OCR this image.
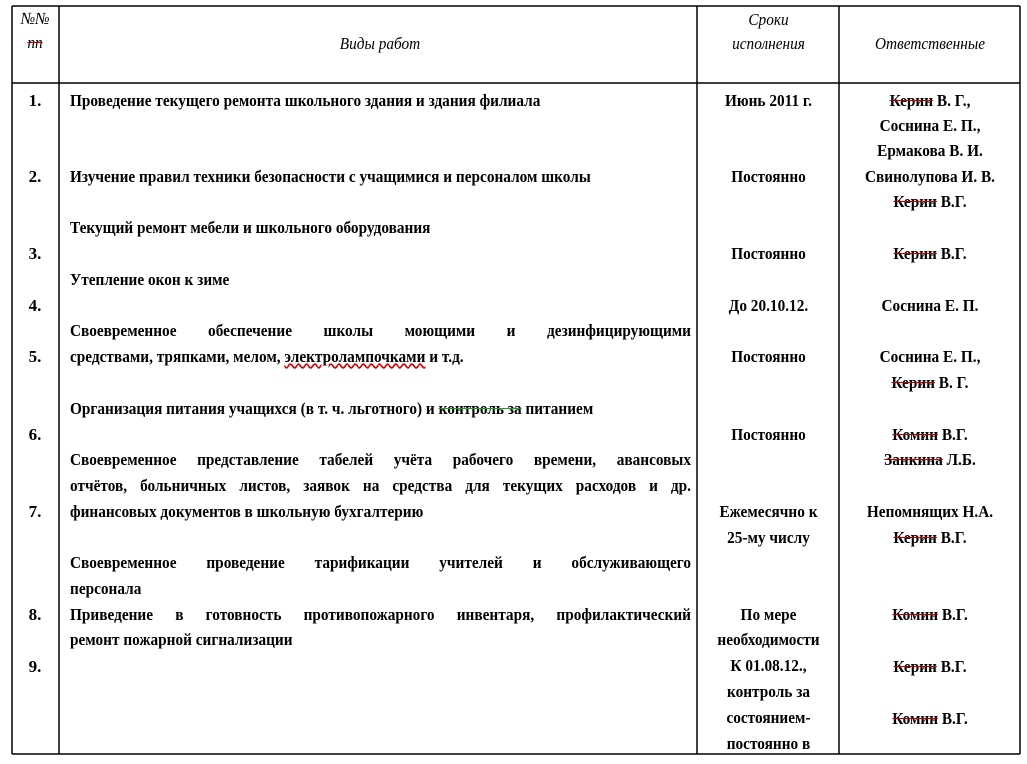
№№
пп	Виды работ
Сроки
исполнения	Ответственные
1.
2.
3.
4.
5.
6.
7.
8.
9.
Проведение текущего ремонта школьного здания и здания филиала
Изучение правил техники безопасности с учащимися и персоналом школы
Текущий ремонт мебели и школьного оборудования
Утепление окон к зиме
Своевременное обеспечение школы моющими и дезинфицирующими
средствами, тряпками, мелом, электролампочками и т.д.
Организация питания учащихся (в т. ч. льготного) и контроль за питанием
Своевременное представление табелей учёта рабочего времени, авансовых
отчётов, больничных листов, заявок на средства для текущих расходов и др.
финансовых документов в школьную бухгалтерию
Своевременное проведение тарификации учителей и обслуживающего
персонала
Приведение в готовность противопожарного инвентаря, профилактический
ремонт пожарной сигнализации
Июнь 2011 г.
Постоянно
Постоянно
До 20.10.12.
Постоянно
Постоянно
Ежемесячно к
25-му числу
По мере
необходимости
К 01.08.12.,
контроль за
состоянием-
постоянно в
Керин В. Г.,
Соснина Е. П.,
Ермакова В. И.
Свинолупова И. В.
Керин В.Г.
Керин В.Г.
Соснина Е. П.
Соснина Е. П.,
Керин В. Г.
Комин В.Г.
Занкина Л.Б.
Непомнящих Н.А.
Керин В.Г.
Комин В.Г.
Керин В.Г.
Комин В.Г.
